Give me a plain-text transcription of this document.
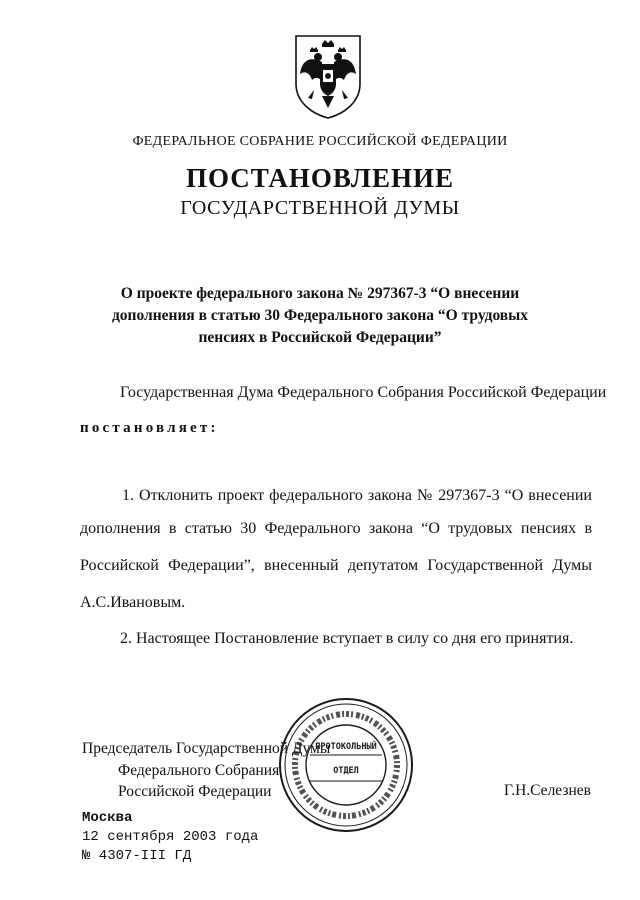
ФЕДЕРАЛЬНОЕ СОБРАНИЕ РОССИЙСКОЙ ФЕДЕРАЦИИ
ПОСТАНОВЛЕНИЕ
ГОСУДАРСТВЕННОЙ ДУМЫ
О проекте федерального закона № 297367-3 “О внесении
дополнения в статью 30 Федерального закона “О трудовых
пенсиях в Российской Федерации”
Государственная Дума Федерального Собрания Российской Федерации
постановляет:
1. Отклонить проект федерального закона № 297367-3 “О внесении
дополнения в статью 30 Федерального закона “О трудовых пенсиях в
Российской Федерации”, внесенный депутатом Государственной Думы
А.С.Ивановым.
2. Настоящее Постановление вступает в силу со дня его принятия.
Председатель Государственной Думы
Федерального Собрания
Российской Федерации	Г.Н.Селезнев
ПРОТОКОЛЬНЫЙ
ОТДЕЛ
Москва
12 сентября 2003 года
№ 4307-III ГД
